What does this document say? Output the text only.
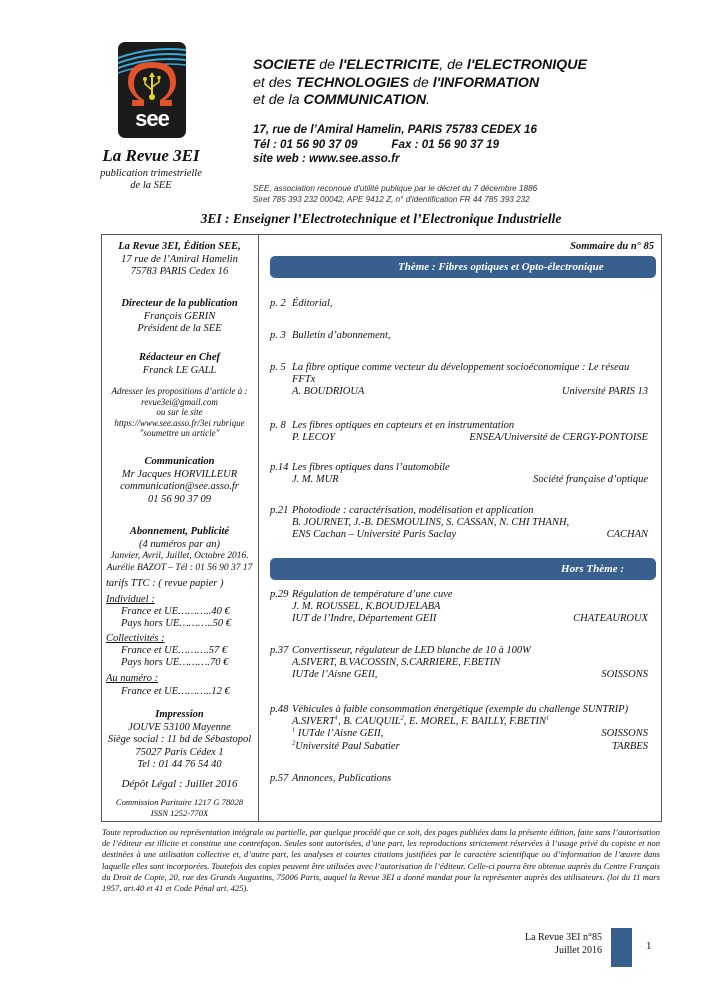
see
La Revue 3EI
publication trimestrielle
de la SEE
SOCIETE de l'ELECTRICITE, de l'ELECTRONIQUE
et des TECHNOLOGIES de l'INFORMATION
et de la COMMUNICATION.
17, rue de l’Amiral Hamelin, PARIS 75783 CEDEX 16
Tél : 01 56 90 37 09	Fax : 01 56 90 37 19
site web : www.see.asso.fr
SEE, association reconnue d'utilité publique par le décret du 7 décembre 1886
Siret 785 393 232 00042, APE 9412 Z, n° d'identification FR 44 785 393 232
3EI : Enseigner l’Electrotechnique et l’Electronique Industrielle
La Revue 3EI, Édition SEE,
17 rue de l’Amiral Hamelin
75783 PARIS Cedex 16
Directeur de la publication
François GERIN
Président de la SEE
Rédacteur en Chef
Franck LE GALL
Adresser les propositions d’article à :
revue3ei@gmail.com
ou sur le site
https://www.see.asso.fr/3ei rubrique
"soumettre un article"
Communication
Mr Jacques HORVILLEUR
communication@see.asso.fr
01 56 90 37 09
Abonnement, Publicité
(4 numéros par an)
Janvier, Avril, Juillet, Octobre 2016.
Aurélie BAZOT – Tél : 01 56 90 37 17
tarifs TTC : ( revue papier )
Individuel :
France et UE………..40 €
Pays hors UE………..50 €
Collectivités :
France et UE……….57 €
Pays hors UE……….70 €
Au numéro :
France et UE………..12 €
Impression
JOUVE 53100 Mayenne
Siège social : 11 bd de Sébastopol
75027 Paris Cédex 1
Tel : 01 44 76 54 40
Dépôt Légal : Juillet 2016
Commission Paritaire 1217 G 78028
ISSN 1252-770X
Sommaire du n° 85
Thème : Fibres optiques et Opto-électronique
p. 2 Éditorial,
p. 3 Bulletin d’abonnement,
p. 5 La fibre optique comme vecteur du développement socioéconomique : Le réseau FFTx
A. BOUDRIOUA	Université PARIS 13
p. 8 Les fibres optiques en capteurs et en instrumentation
P. LECOY	ENSEA/Université de CERGY-PONTOISE
p.14 Les fibres optiques dans l’automobile
J. M. MUR	Société française d’optique
p.21 Photodiode : caractérisation, modélisation et application
B. JOURNET, J.-B. DESMOULINS, S. CASSAN, N. CHI THANH,
ENS Cachan – Université Paris Saclay	CACHAN
Hors Thème :
p.29 Régulation de température d’une cuve
J. M. ROUSSEL, K.BOUDJELABA
IUT de l’Indre, Département GEII	CHATEAUROUX
p.37 Convertisseur, régulateur de LED blanche de 10 à 100W
A.SIVERT, B.VACOSSIN, S.CARRIERE, F.BETIN
IUTde l’Aisne GEII,	SOISSONS
p.48 Véhicules à faible consommation énergétique (exemple du challenge SUNTRIP)
A.SIVERT$^1$, B. CAUQUIL$^2$, E. MOREL, F. BAILLY, F.BETIN$^1$
$^1$ IUTde l’Aisne GEII,	SOISSONS
$^2$Université Paul Sabatier	TARBES
p.57 Annonces, Publications
Toute reproduction ou représentation intégrale ou partielle, par quelque procédé que ce soit, des pages publiées dans la présente édition, faite sans l’autorisation de l’éditeur est illicite et constitue une contrefaçon. Seules sont autorisées, d’une part, les reproductions strictement réservées à l’usage privé du copiste et non destinées à une utilisation collective et, d’autre part, les analyses et courtes citations justifiées par le caractère scientifique ou d’information de l’œuvre dans laquelle elles sont incorporées. Toutefois des copies peuvent être utilisées avec l’autorisation de l’éditeur. Celle-ci pourra être obtenue auprès du Centre Français du Droit de Copie, 20, rue des Grands Augustins, 75006 Paris, auquel la Revue 3EI a donné mandat pour la représenter auprès des utilisateurs. (loi du 11 mars 1957, art.40 et 41 et Code Pénal art. 425).
La Revue 3EI n°85
Juillet 2016	1
